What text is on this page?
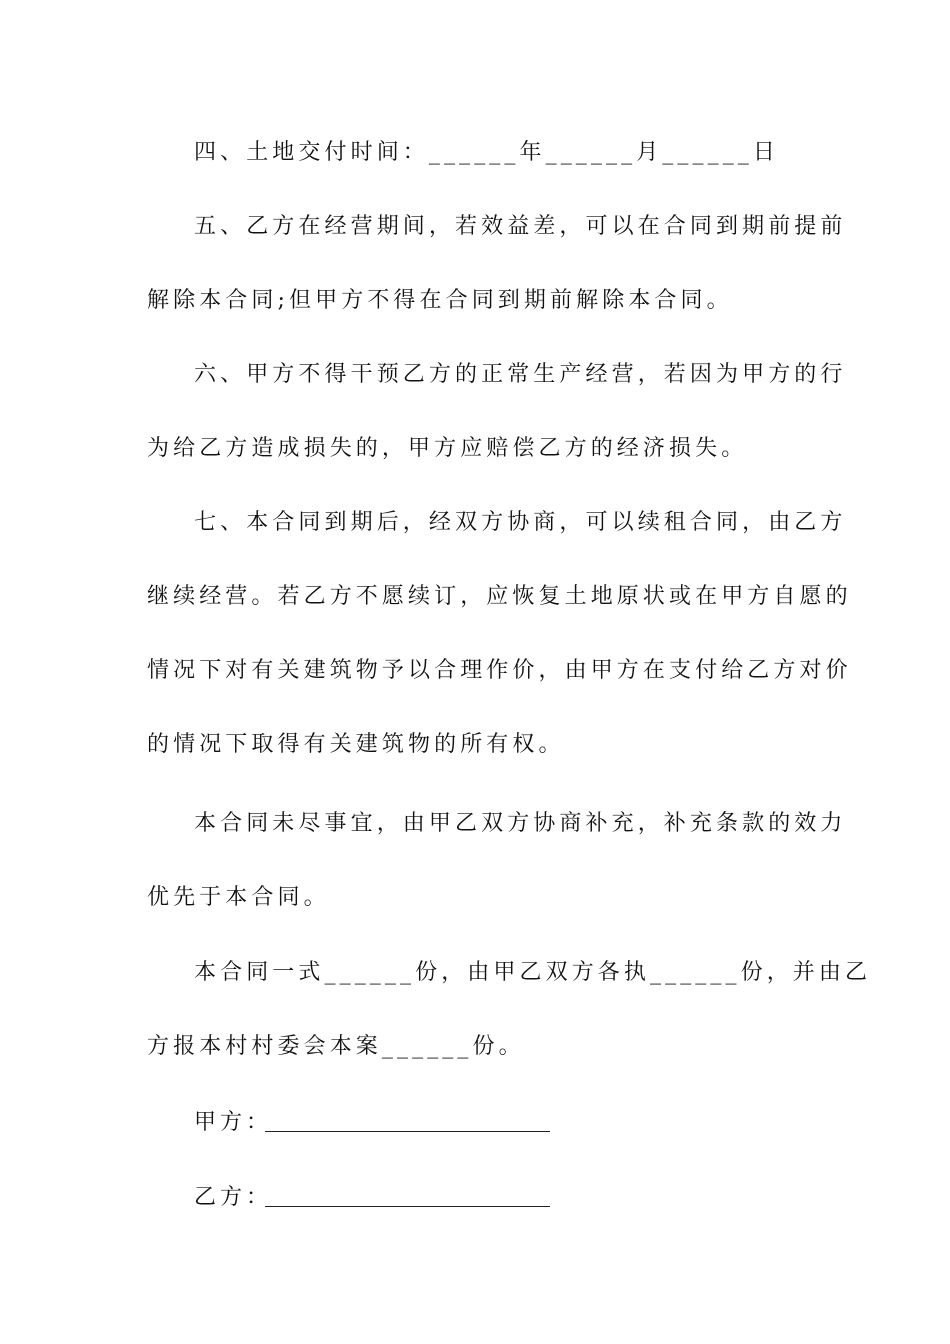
四、土地交付时间：______年______月______日
五、乙方在经营期间，若效益差，可以在合同到期前提前
解除本合同;但甲方不得在合同到期前解除本合同。
六、甲方不得干预乙方的正常生产经营，若因为甲方的行
为给乙方造成损失的，甲方应赔偿乙方的经济损失。
七、本合同到期后，经双方协商，可以续租合同，由乙方
继续经营。若乙方不愿续订，应恢复土地原状或在甲方自愿的
情况下对有关建筑物予以合理作价，由甲方在支付给乙方对价
的情况下取得有关建筑物的所有权。
本合同未尽事宜，由甲乙双方协商补充，补充条款的效力
优先于本合同。
本合同一式______份，由甲乙双方各执______份，并由乙
方报本村村委会本案______份。
甲方：
乙方：
